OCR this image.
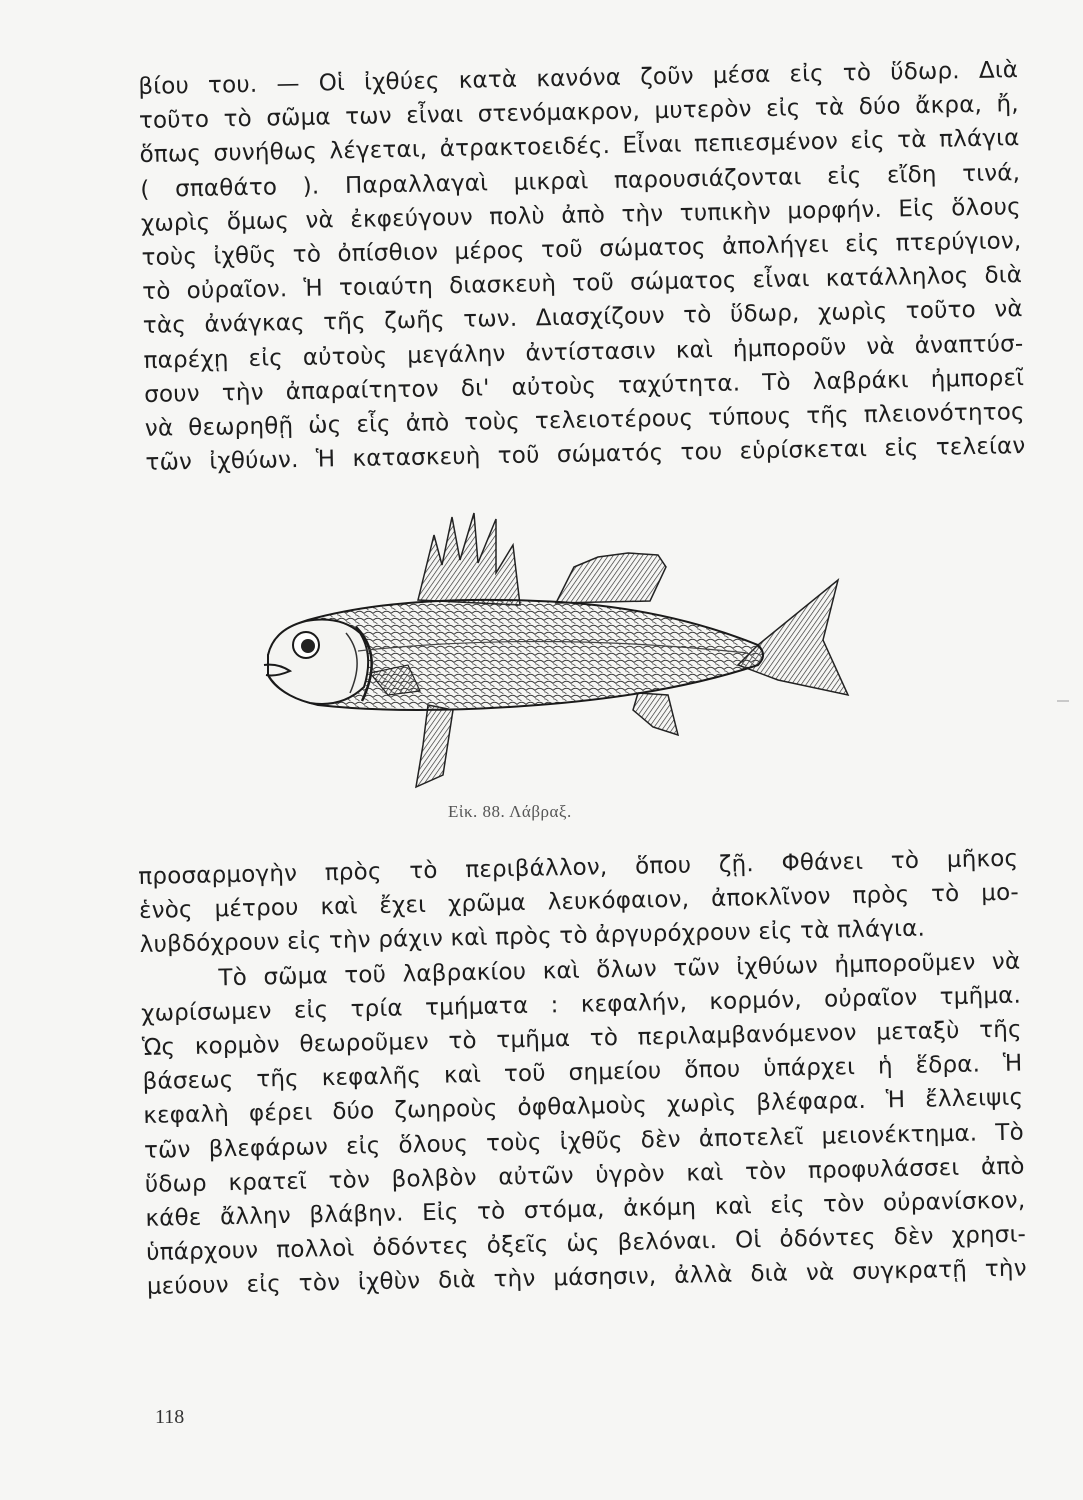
βίου του. — Οἱ ἰχθύες κατὰ κανόνα ζοῦν μέσα εἰς τὸ ὕδωρ. Διὰ
τοῦτο τὸ σῶμα των εἶναι στενόμακρον, μυτερὸν εἰς τὰ δύο ἄκρα, ἤ,
ὅπως συνήθως λέγεται, ἀτρακτοειδές. Εἶναι πεπιεσμένον εἰς τὰ πλάγια
( σπαθάτο ). Παραλλαγαὶ μικραὶ παρουσιάζονται εἰς εἴδη τινά,
χωρὶς ὅμως νὰ ἐκφεύγουν πολὺ ἀπὸ τὴν τυπικὴν μορφήν. Εἰς ὅλους
τοὺς ἰχθῦς τὸ ὀπίσθιον μέρος τοῦ σώματος ἀπολήγει εἰς πτερύγιον,
τὸ οὐραῖον. Ἡ τοιαύτη διασκευὴ τοῦ σώματος εἶναι κατάλληλος διὰ
τὰς ἀνάγκας τῆς ζωῆς των. Διασχίζουν τὸ ὕδωρ, χωρὶς τοῦτο νὰ
παρέχῃ εἰς αὐτοὺς μεγάλην ἀντίστασιν καὶ ἠμποροῦν νὰ ἀναπτύσ-
σουν τὴν ἀπαραίτητον δι' αὐτοὺς ταχύτητα. Τὸ λαβράκι ἠμπορεῖ
νὰ θεωρηθῇ ὡς εἷς ἀπὸ τοὺς τελειοτέρους τύπους τῆς πλειονότητος
τῶν ἰχθύων. Ἡ κατασκευὴ τοῦ σώματός του εὑρίσκεται εἰς τελείαν
Εἰκ. 88. Λάβραξ.
προσαρμογὴν πρὸς τὸ περιβάλλον, ὅπου ζῇ. Φθάνει τὸ μῆκος
ἑνὸς μέτρου καὶ ἔχει χρῶμα λευκόφαιον, ἀποκλῖνον πρὸς τὸ μο-
λυβδόχρουν εἰς τὴν ράχιν καὶ πρὸς τὸ ἀργυρόχρουν εἰς τὰ πλάγια.
Τὸ σῶμα τοῦ λαβρακίου καὶ ὅλων τῶν ἰχθύων ἠμποροῦμεν νὰ
χωρίσωμεν εἰς τρία τμήματα : κεφαλήν, κορμόν, οὐραῖον τμῆμα.
Ὡς κορμὸν θεωροῦμεν τὸ τμῆμα τὸ περιλαμβανόμενον μεταξὺ τῆς
βάσεως τῆς κεφαλῆς καὶ τοῦ σημείου ὅπου ὑπάρχει ἡ ἕδρα. Ἡ
κεφαλὴ φέρει δύο ζωηροὺς ὀφθαλμοὺς χωρὶς βλέφαρα. Ἡ ἔλλειψις
τῶν βλεφάρων εἰς ὅλους τοὺς ἰχθῦς δὲν ἀποτελεῖ μειονέκτημα. Τὸ
ὕδωρ κρατεῖ τὸν βολβὸν αὐτῶν ὑγρὸν καὶ τὸν προφυλάσσει ἀπὸ
κάθε ἄλλην βλάβην. Εἰς τὸ στόμα, ἀκόμη καὶ εἰς τὸν οὐρανίσκον,
ὑπάρχουν πολλοὶ ὀδόντες ὀξεῖς ὡς βελόναι. Οἱ ὀδόντες δὲν χρησι-
μεύουν εἰς τὸν ἰχθὺν διὰ τὴν μάσησιν, ἀλλὰ διὰ νὰ συγκρατῇ τὴν
118
